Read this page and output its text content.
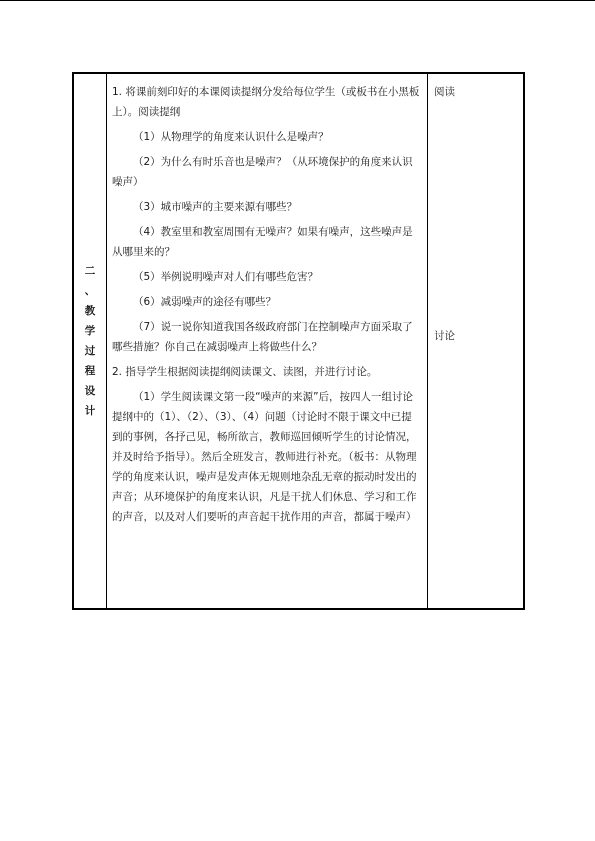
二
、
教
学
过
程
设
计

1. 将课前刻印好的本课阅读提纲分发给每位学生（或板书在小黑板上）。阅读提纲

（1）从物理学的角度来认识什么是噪声？

（2）为什么有时乐音也是噪声？（从环境保护的角度来认识噪声）

（3）城市噪声的主要来源有哪些？

（4）教室里和教室周围有无噪声？如果有噪声，这些噪声是从哪里来的？

（5）举例说明噪声对人们有哪些危害？

（6）减弱噪声的途径有哪些？

（7）说一说你知道我国各级政府部门在控制噪声方面采取了哪些措施？你自己在减弱噪声上将做些什么？

2. 指导学生根据阅读提纲阅读课文、读图，并进行讨论。

（1）学生阅读课文第一段“噪声的来源”后，按四人一组讨论提纲中的（1）、（2）、（3）、（4）问题（讨论时不限于课文中已提到的事例，各抒己见，畅所欲言，教师巡回倾听学生的讨论情况，并及时给予指导）。然后全班发言，教师进行补充。（板书：从物理学的角度来认识，噪声是发声体无规则地杂乱无章的振动时发出的声音；从环境保护的角度来认识，凡是干扰人们休息、学习和工作的声音，以及对人们要听的声音起干扰作用的声音，都属于噪声）

阅读
讨论
